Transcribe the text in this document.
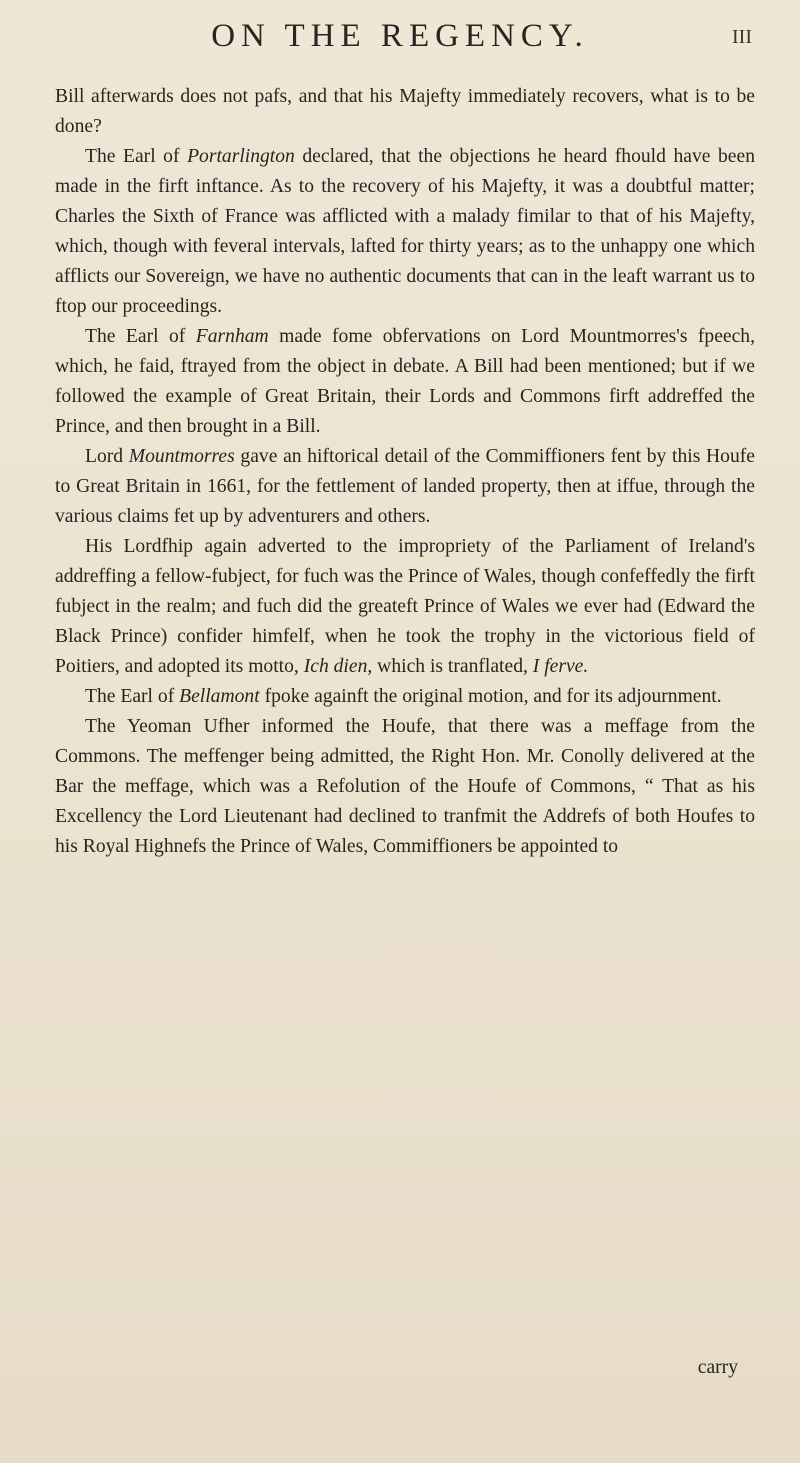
ON THE REGENCY.	III

Bill afterwards does not pafs, and that his Majefty immediately recovers, what is to be done?

The Earl of Portarlington declared, that the objections he heard fhould have been made in the firft inftance. As to the recovery of his Majefty, it was a doubtful matter; Charles the Sixth of France was afflicted with a malady fimilar to that of his Majefty, which, though with feveral intervals, lafted for thirty years; as to the unhappy one which afflicts our Sovereign, we have no authentic documents that can in the leaft warrant us to ftop our proceedings.

The Earl of Farnham made fome obfervations on Lord Mountmorres's fpeech, which, he faid, ftrayed from the object in debate. A Bill had been mentioned; but if we followed the example of Great Britain, their Lords and Commons firft addreffed the Prince, and then brought in a Bill.

Lord Mountmorres gave an hiftorical detail of the Commiffioners fent by this Houfe to Great Britain in 1661, for the fettlement of landed property, then at iffue, through the various claims fet up by adventurers and others.

His Lordfhip again adverted to the impropriety of the Parliament of Ireland's addreffing a fellow-fubject, for fuch was the Prince of Wales, though confeffedly the firft fubject in the realm; and fuch did the greateft Prince of Wales we ever had (Edward the Black Prince) confider himfelf, when he took the trophy in the victorious field of Poitiers, and adopted its motto, Ich dien, which is tranflated, I ferve.

The Earl of Bellamont fpoke againft the original motion, and for its adjournment.

The Yeoman Ufher informed the Houfe, that there was a meffage from the Commons. The meffenger being admitted, the Right Hon. Mr. Conolly delivered at the Bar the meffage, which was a Refolution of the Houfe of Commons, “ That as his Excellency the Lord Lieutenant had declined to tranfmit the Addrefs of both Houfes to his Royal Highnefs the Prince of Wales, Commiffioners be appointed to

carry
